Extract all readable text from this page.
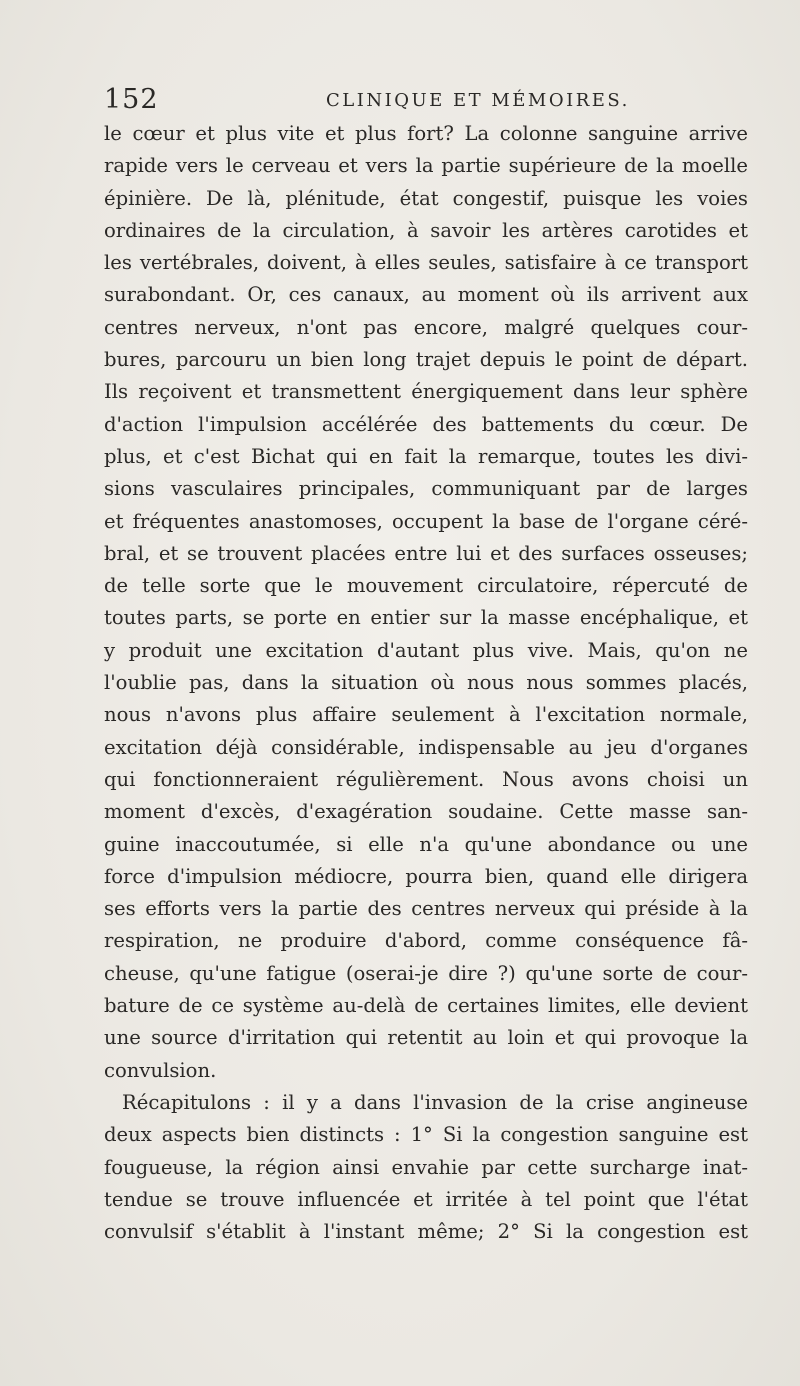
152	CLINIQUE ET MÉMOIRES.
le cœur et plus vite et plus fort? La colonne sanguine arrive
rapide vers le cerveau et vers la partie supérieure de la moelle
épinière. De là, plénitude, état congestif, puisque les voies
ordinaires de la circulation, à savoir les artères carotides et
les vertébrales, doivent, à elles seules, satisfaire à ce transport
surabondant. Or, ces canaux, au moment où ils arrivent aux
centres nerveux, n'ont pas encore, malgré quelques cour-
bures, parcouru un bien long trajet depuis le point de départ.
Ils reçoivent et transmettent énergiquement dans leur sphère
d'action l'impulsion accélérée des battements du cœur. De
plus, et c'est Bichat qui en fait la remarque, toutes les divi-
sions vasculaires principales, communiquant par de larges
et fréquentes anastomoses, occupent la base de l'organe céré-
bral, et se trouvent placées entre lui et des surfaces osseuses;
de telle sorte que le mouvement circulatoire, répercuté de
toutes parts, se porte en entier sur la masse encéphalique, et
y produit une excitation d'autant plus vive. Mais, qu'on ne
l'oublie pas, dans la situation où nous nous sommes placés,
nous n'avons plus affaire seulement à l'excitation normale,
excitation déjà considérable, indispensable au jeu d'organes
qui fonctionneraient régulièrement. Nous avons choisi un
moment d'excès, d'exagération soudaine. Cette masse san-
guine inaccoutumée, si elle n'a qu'une abondance ou une
force d'impulsion médiocre, pourra bien, quand elle dirigera
ses efforts vers la partie des centres nerveux qui préside à la
respiration, ne produire d'abord, comme conséquence fâ-
cheuse, qu'une fatigue (oserai-je dire ?) qu'une sorte de cour-
bature de ce système au-delà de certaines limites, elle devient
une source d'irritation qui retentit au loin et qui provoque la
convulsion.
Récapitulons : il y a dans l'invasion de la crise angineuse
deux aspects bien distincts : 1° Si la congestion sanguine est
fougueuse, la région ainsi envahie par cette surcharge inat-
tendue se trouve influencée et irritée à tel point que l'état
convulsif s'établit à l'instant même; 2° Si la congestion est
